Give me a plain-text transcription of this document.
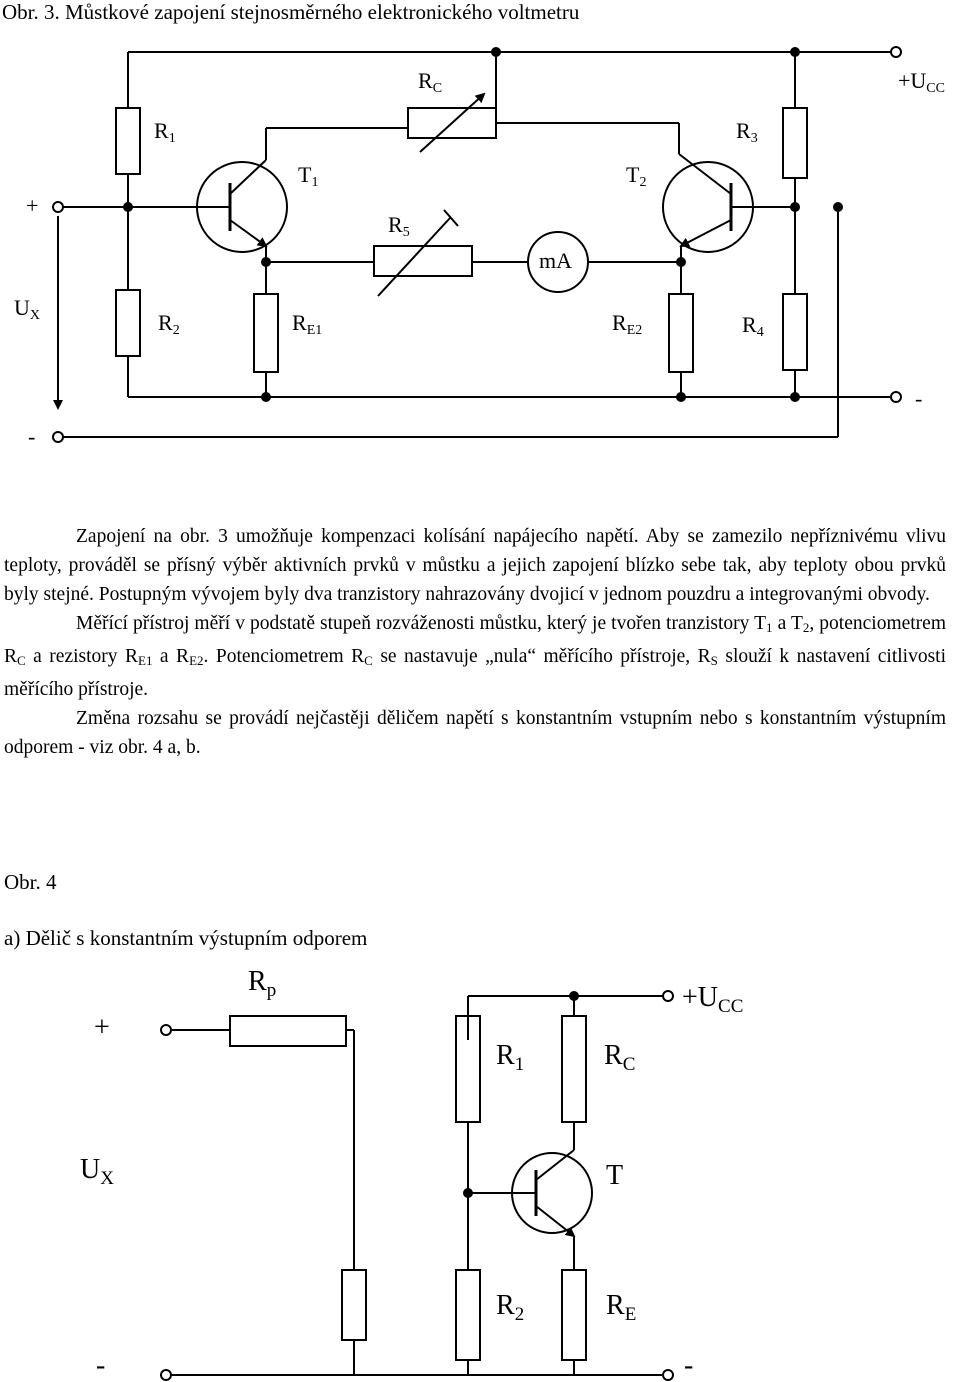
Obr. 3. Můstkové zapojení stejnosměrného elektronického voltmetru
$R_C$	$+U_{CC}$
$R_1$	$R_3$
$T_1$	$T_2$
+
$R_5$
mA
$U_X$	$R_2$	$R_{E1}$	$R_{E2}$	$R_4$
-
-

Zapojení na obr. 3 umožňuje kompenzaci kolísání napájecího napětí. Aby se zamezilo nepříznivému vlivu teploty, prováděl se přísný výběr aktivních prvků v můstku a jejich zapojení blízko sebe tak, aby teploty obou prvků byly stejné. Postupným vývojem byly dva tranzistory nahrazovány dvojicí v jednom pouzdru a integrovanými obvody.

Měřící přístroj měří v podstatě stupeň rozváženosti můstku, který je tvořen tranzistory T1 a T2, potenciometrem RC a rezistory RE1 a RE2. Potenciometrem RC se nastavuje „nula“ měřícího přístroje, RS slouží k nastavení citlivosti měřícího přístroje.

Změna rozsahu se provádí nejčastěji děličem napětí s konstantním vstupním nebo s konstantním výstupním odporem - viz obr. 4 a, b.

Obr. 4
a) Dělič s konstantním výstupním odporem
$R_p$	$+U_{CC}$
+
$R_1$	$R_C$
$U_X$	T
$R_2$	$R_E$
-	-
